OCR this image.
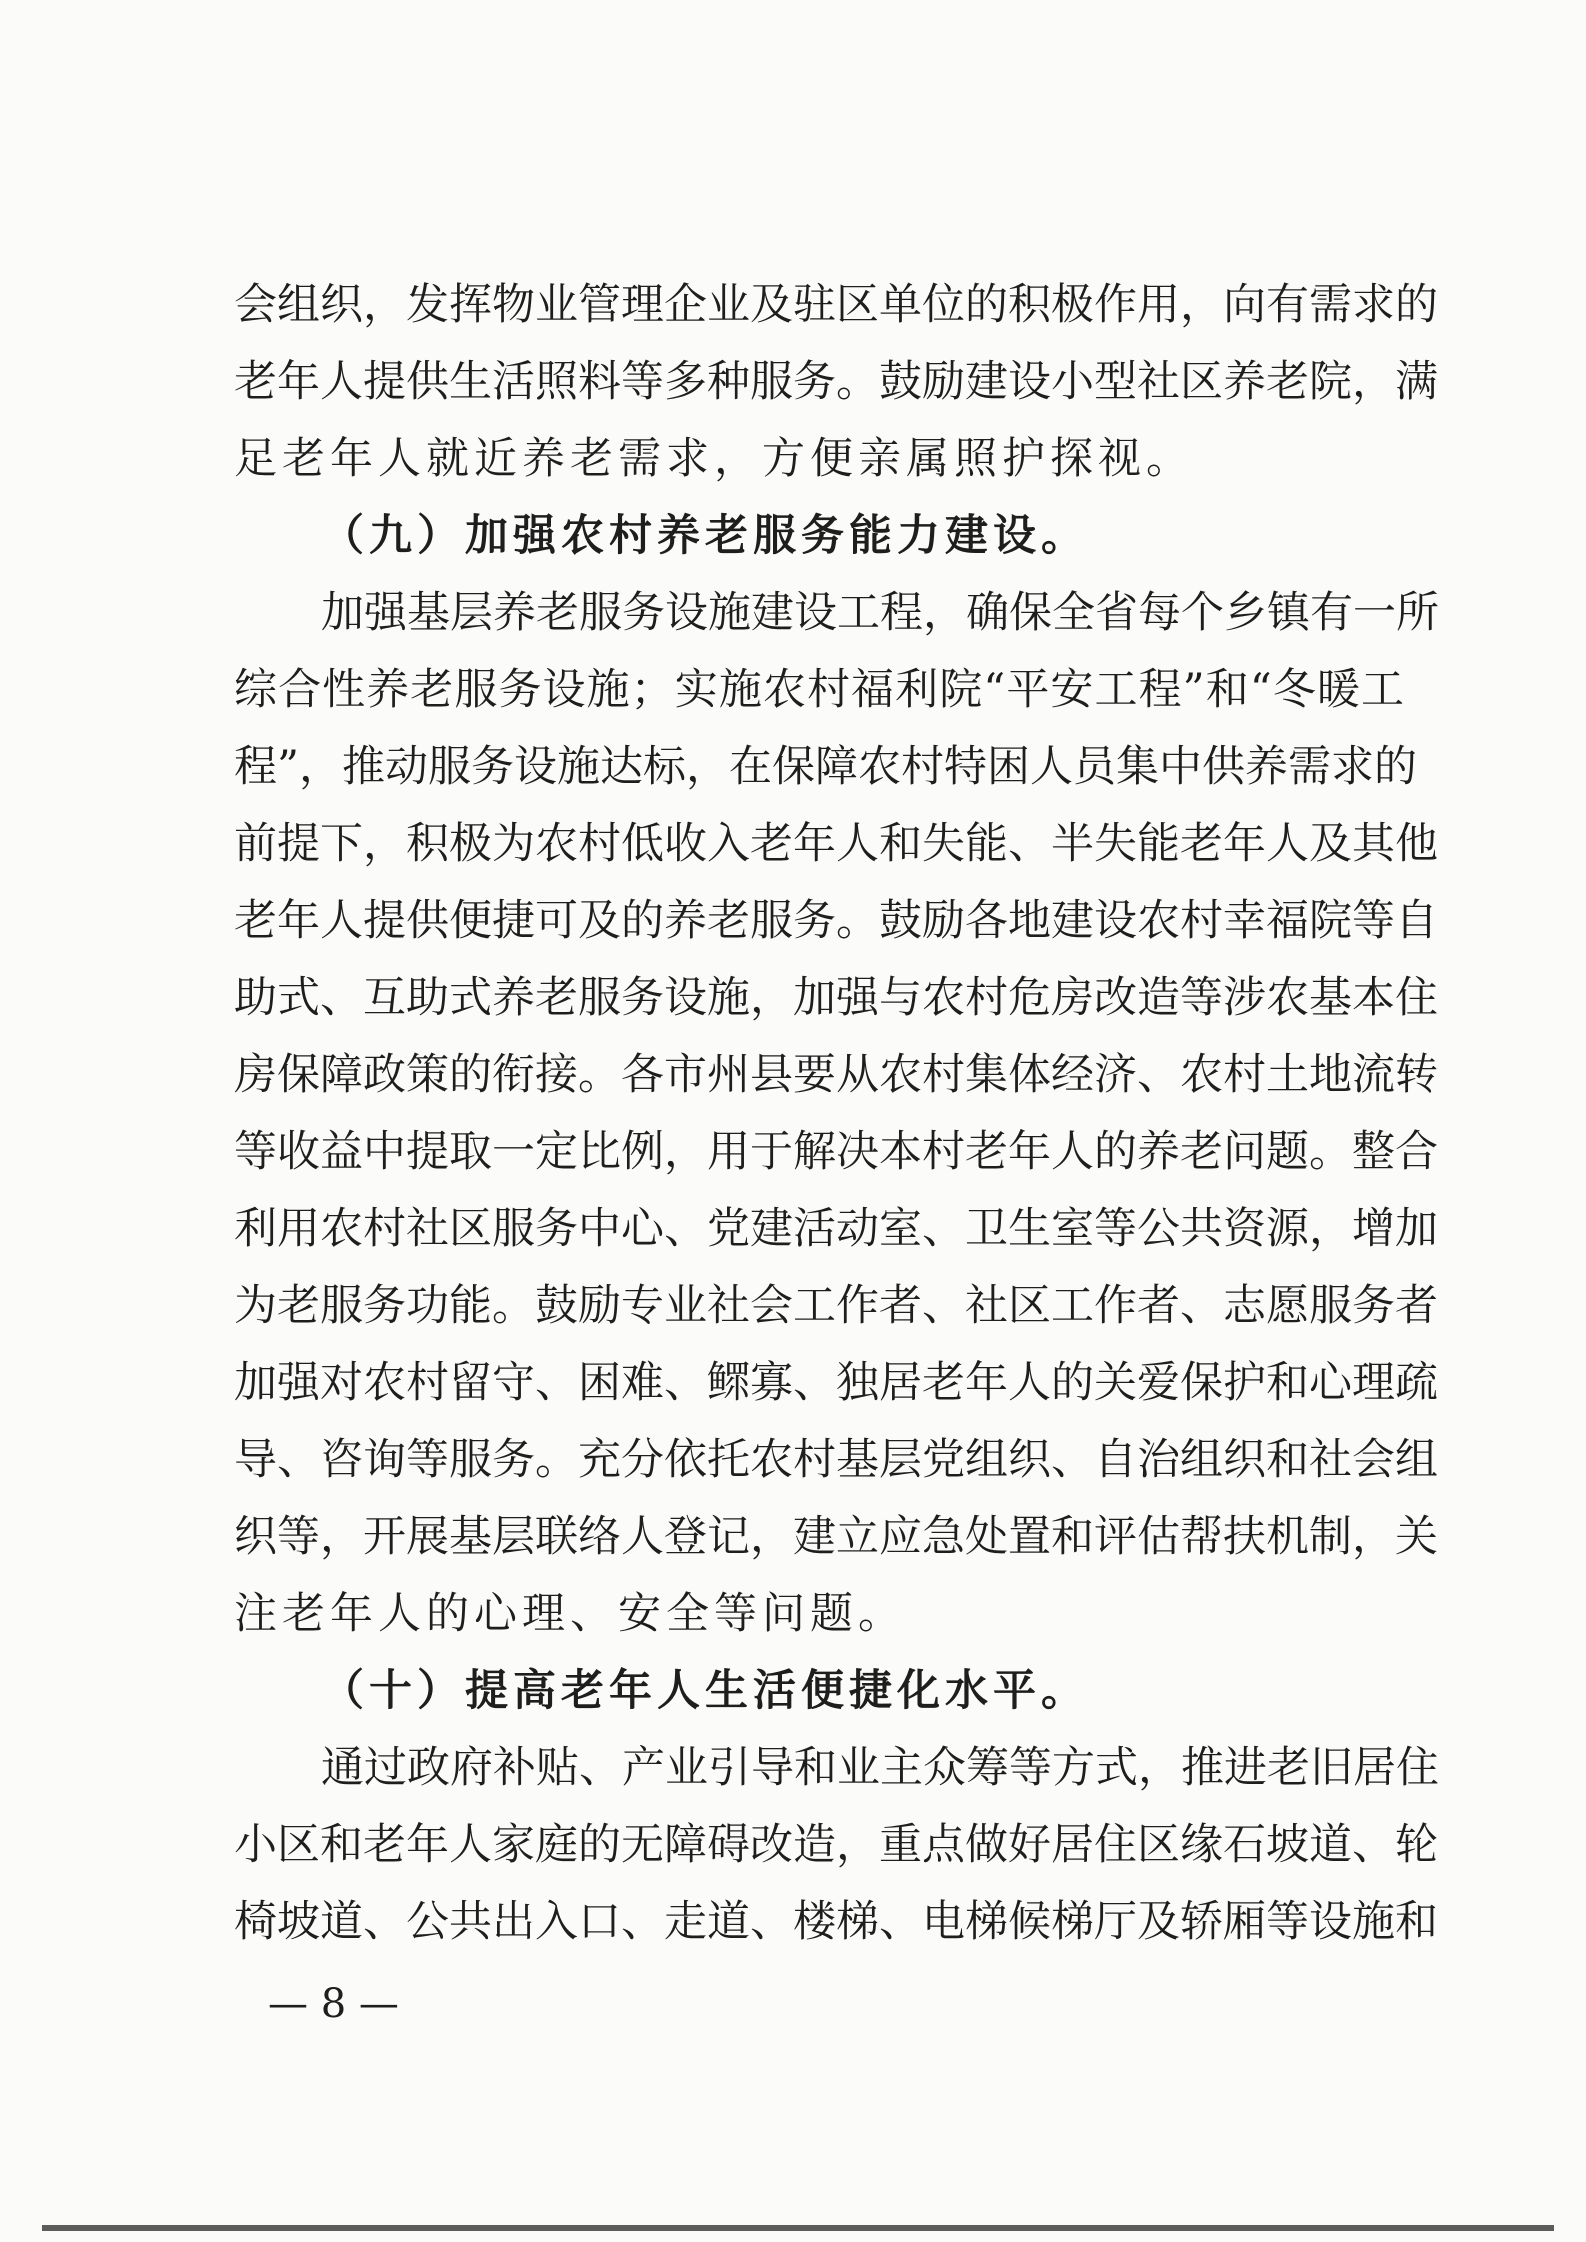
会组织，发挥物业管理企业及驻区单位的积极作用，向有需求的
老年人提供生活照料等多种服务。鼓励建设小型社区养老院，满
足老年人就近养老需求，方便亲属照护探视。
（九）加强农村养老服务能力建设。
加强基层养老服务设施建设工程，确保全省每个乡镇有一所
综合性养老服务设施；实施农村福利院“平安工程”和“冬暖工
程”，推动服务设施达标，在保障农村特困人员集中供养需求的
前提下，积极为农村低收入老年人和失能、半失能老年人及其他
老年人提供便捷可及的养老服务。鼓励各地建设农村幸福院等自
助式、互助式养老服务设施，加强与农村危房改造等涉农基本住
房保障政策的衔接。各市州县要从农村集体经济、农村土地流转
等收益中提取一定比例，用于解决本村老年人的养老问题。整合
利用农村社区服务中心、党建活动室、卫生室等公共资源，增加
为老服务功能。鼓励专业社会工作者、社区工作者、志愿服务者
加强对农村留守、困难、鳏寡、独居老年人的关爱保护和心理疏
导、咨询等服务。充分依托农村基层党组织、自治组织和社会组
织等，开展基层联络人登记，建立应急处置和评估帮扶机制，关
注老年人的心理、安全等问题。
（十）提高老年人生活便捷化水平。
通过政府补贴、产业引导和业主众筹等方式，推进老旧居住
小区和老年人家庭的无障碍改造，重点做好居住区缘石坡道、轮
椅坡道、公共出入口、走道、楼梯、电梯候梯厅及轿厢等设施和
— 8 —
